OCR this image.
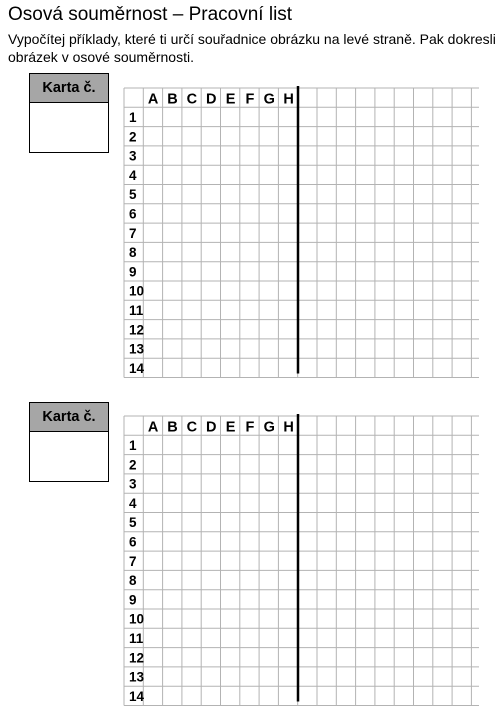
Osová souměrnost – Pracovní list
Vypočítej příklady, které ti určí souřadnice obrázku na levé straně. Pak dokresli obrázek v osové souměrnosti.
Karta č.
Karta č.
A B C D E F G H
1
2
3
4
5
6
7
8
9
10
11
12
13
14
A B C D E F G H
1
2
3
4
5
6
7
8
9
10
11
12
13
14
